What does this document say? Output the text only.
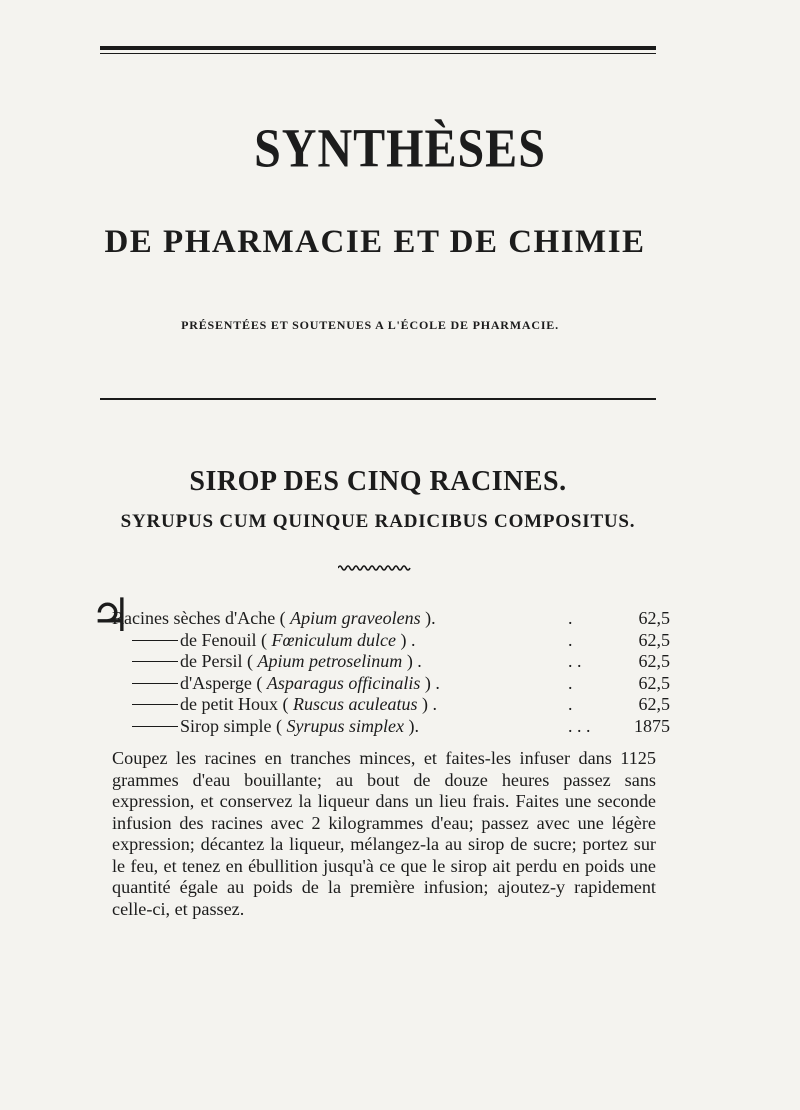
SYNTHÈSES
DE PHARMACIE ET DE CHIMIE
PRÉSENTÉES ET SOUTENUES A L'ÉCOLE DE PHARMACIE.
SIROP DES CINQ RACINES.
SYRUPUS CUM QUINQUE RADICIBUS COMPOSITUS.
♃
Racines sèches d'Ache ( Apium graveolens ).	.	62,5
de Fenouil ( Fœniculum dulce ) .	.	62,5
de Persil ( Apium petroselinum ) .	. .	62,5
d'Asperge ( Asparagus officinalis ) .	.	62,5
de petit Houx ( Ruscus aculeatus ) .	.	62,5
Sirop simple ( Syrupus simplex ).	. . . 1875
Coupez les racines en tranches minces, et faites-les infuser dans 1125 grammes d'eau bouillante; au bout de douze heures passez sans expression, et conservez la liqueur dans un lieu frais. Faites une seconde infusion des racines avec 2 kilogrammes d'eau; passez avec une légère expression; décantez la liqueur, mélangez-la au sirop de sucre; portez sur le feu, et tenez en ébullition jusqu'à ce que le sirop ait perdu en poids une quantité égale au poids de la première infusion; ajoutez-y rapidement celle-ci, et passez.
